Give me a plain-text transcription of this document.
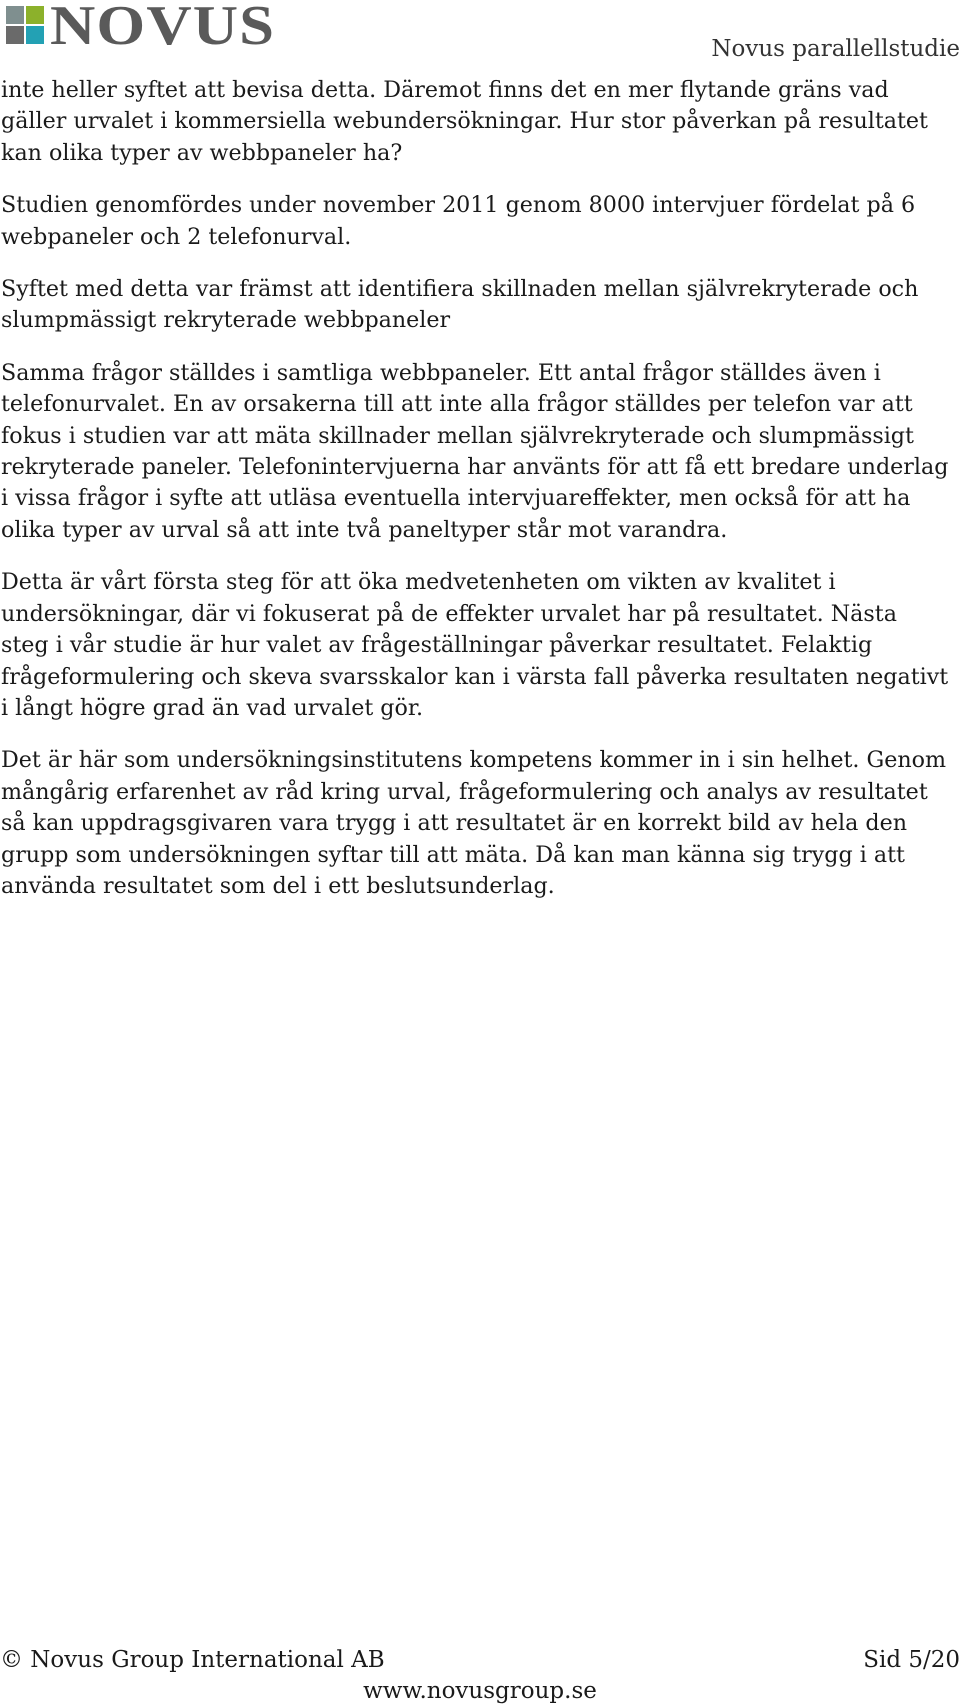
NOVUS	Novus parallellstudie

inte heller syftet att bevisa detta. Däremot finns det en mer flytande gräns vad gäller urvalet i kommersiella webundersökningar. Hur stor påverkan på resultatet kan olika typer av webbpaneler ha?

Studien genomfördes under november 2011 genom 8000 intervjuer fördelat på 6 webpaneler och 2 telefonurval.

Syftet med detta var främst att identifiera skillnaden mellan självrekryterade och slumpmässigt rekryterade webbpaneler

Samma frågor ställdes i samtliga webbpaneler. Ett antal frågor ställdes även i telefonurvalet. En av orsakerna till att inte alla frågor ställdes per telefon var att fokus i studien var att mäta skillnader mellan självrekryterade och slumpmässigt rekryterade paneler. Telefonintervjuerna har använts för att få ett bredare underlag i vissa frågor i syfte att utläsa eventuella intervjuareffekter, men också för att ha olika typer av urval så att inte två paneltyper står mot varandra.

Detta är vårt första steg för att öka medvetenheten om vikten av kvalitet i undersökningar, där vi fokuserat på de effekter urvalet har på resultatet. Nästa steg i vår studie är hur valet av frågeställningar påverkar resultatet. Felaktig frågeformulering och skeva svarsskalor kan i värsta fall påverka resultaten negativt i långt högre grad än vad urvalet gör.

Det är här som undersökningsinstitutens kompetens kommer in i sin helhet. Genom mångårig erfarenhet av råd kring urval, frågeformulering och analys av resultatet så kan uppdragsgivaren vara trygg i att resultatet är en korrekt bild av hela den grupp som undersökningen syftar till att mäta. Då kan man känna sig trygg i att använda resultatet som del i ett beslutsunderlag.

© Novus Group International AB	Sid 5/20
www.novusgroup.se
